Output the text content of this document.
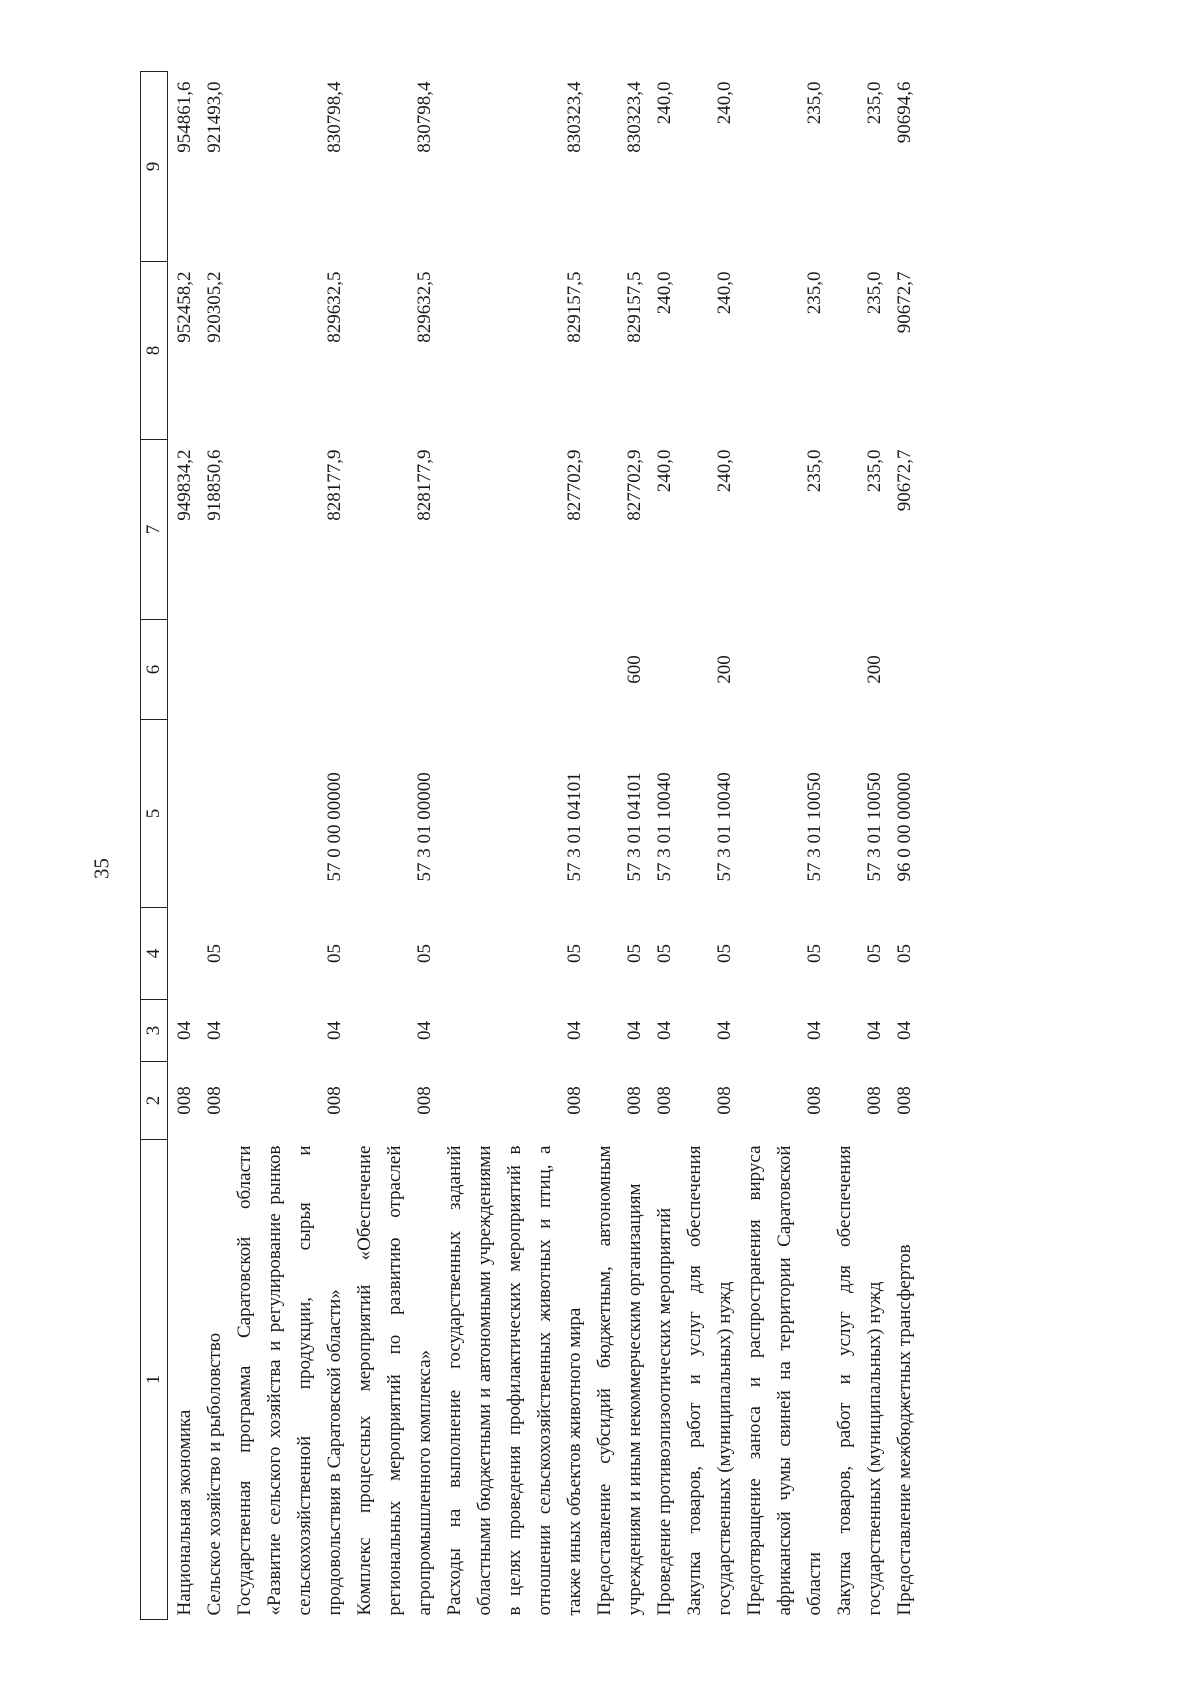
35
1	2	3	4	5	6	7	8	9
Национальная экономика	008	04				949834,2	952458,2	954861,6
Сельское хозяйство и рыболовство	008	04	05			918850,6	920305,2	921493,0
Государственная программа Саратовской области «Развитие сельского хозяйства и регулирование рынков сельскохозяйственной продукции, сырья и продовольствия в Саратовской области»	008	04	05	57 0 00 00000		828177,9	829632,5	830798,4
Комплекс процессных мероприятий «Обеспечение региональных мероприятий по развитию отраслей агропромышленного комплекса»	008	04	05	57 3 01 00000		828177,9	829632,5	830798,4
Расходы на выполнение государственных заданий областными бюджетными и автономными учреждениями в целях проведения профилактических мероприятий в отношении сельскохозяйственных животных и птиц, а также иных объектов животного мира	008	04	05	57 3 01 04101		827702,9	829157,5	830323,4
Предоставление субсидий бюджетным, автономным учреждениям и иным некоммерческим организациям	008	04	05	57 3 01 04101	600	827702,9	829157,5	830323,4
Проведение противоэпизоотических мероприятий	008	04	05	57 3 01 10040		240,0	240,0	240,0
Закупка товаров, работ и услуг для обеспечения государственных (муниципальных) нужд	008	04	05	57 3 01 10040	200	240,0	240,0	240,0
Предотвращение заноса и распространения вируса африканской чумы свиней на территории Саратовской области	008	04	05	57 3 01 10050		235,0	235,0	235,0
Закупка товаров, работ и услуг для обеспечения государственных (муниципальных) нужд	008	04	05	57 3 01 10050	200	235,0	235,0	235,0
Предоставление межбюджетных трансфертов	008	04	05	96 0 00 00000		90672,7	90672,7	90694,6
